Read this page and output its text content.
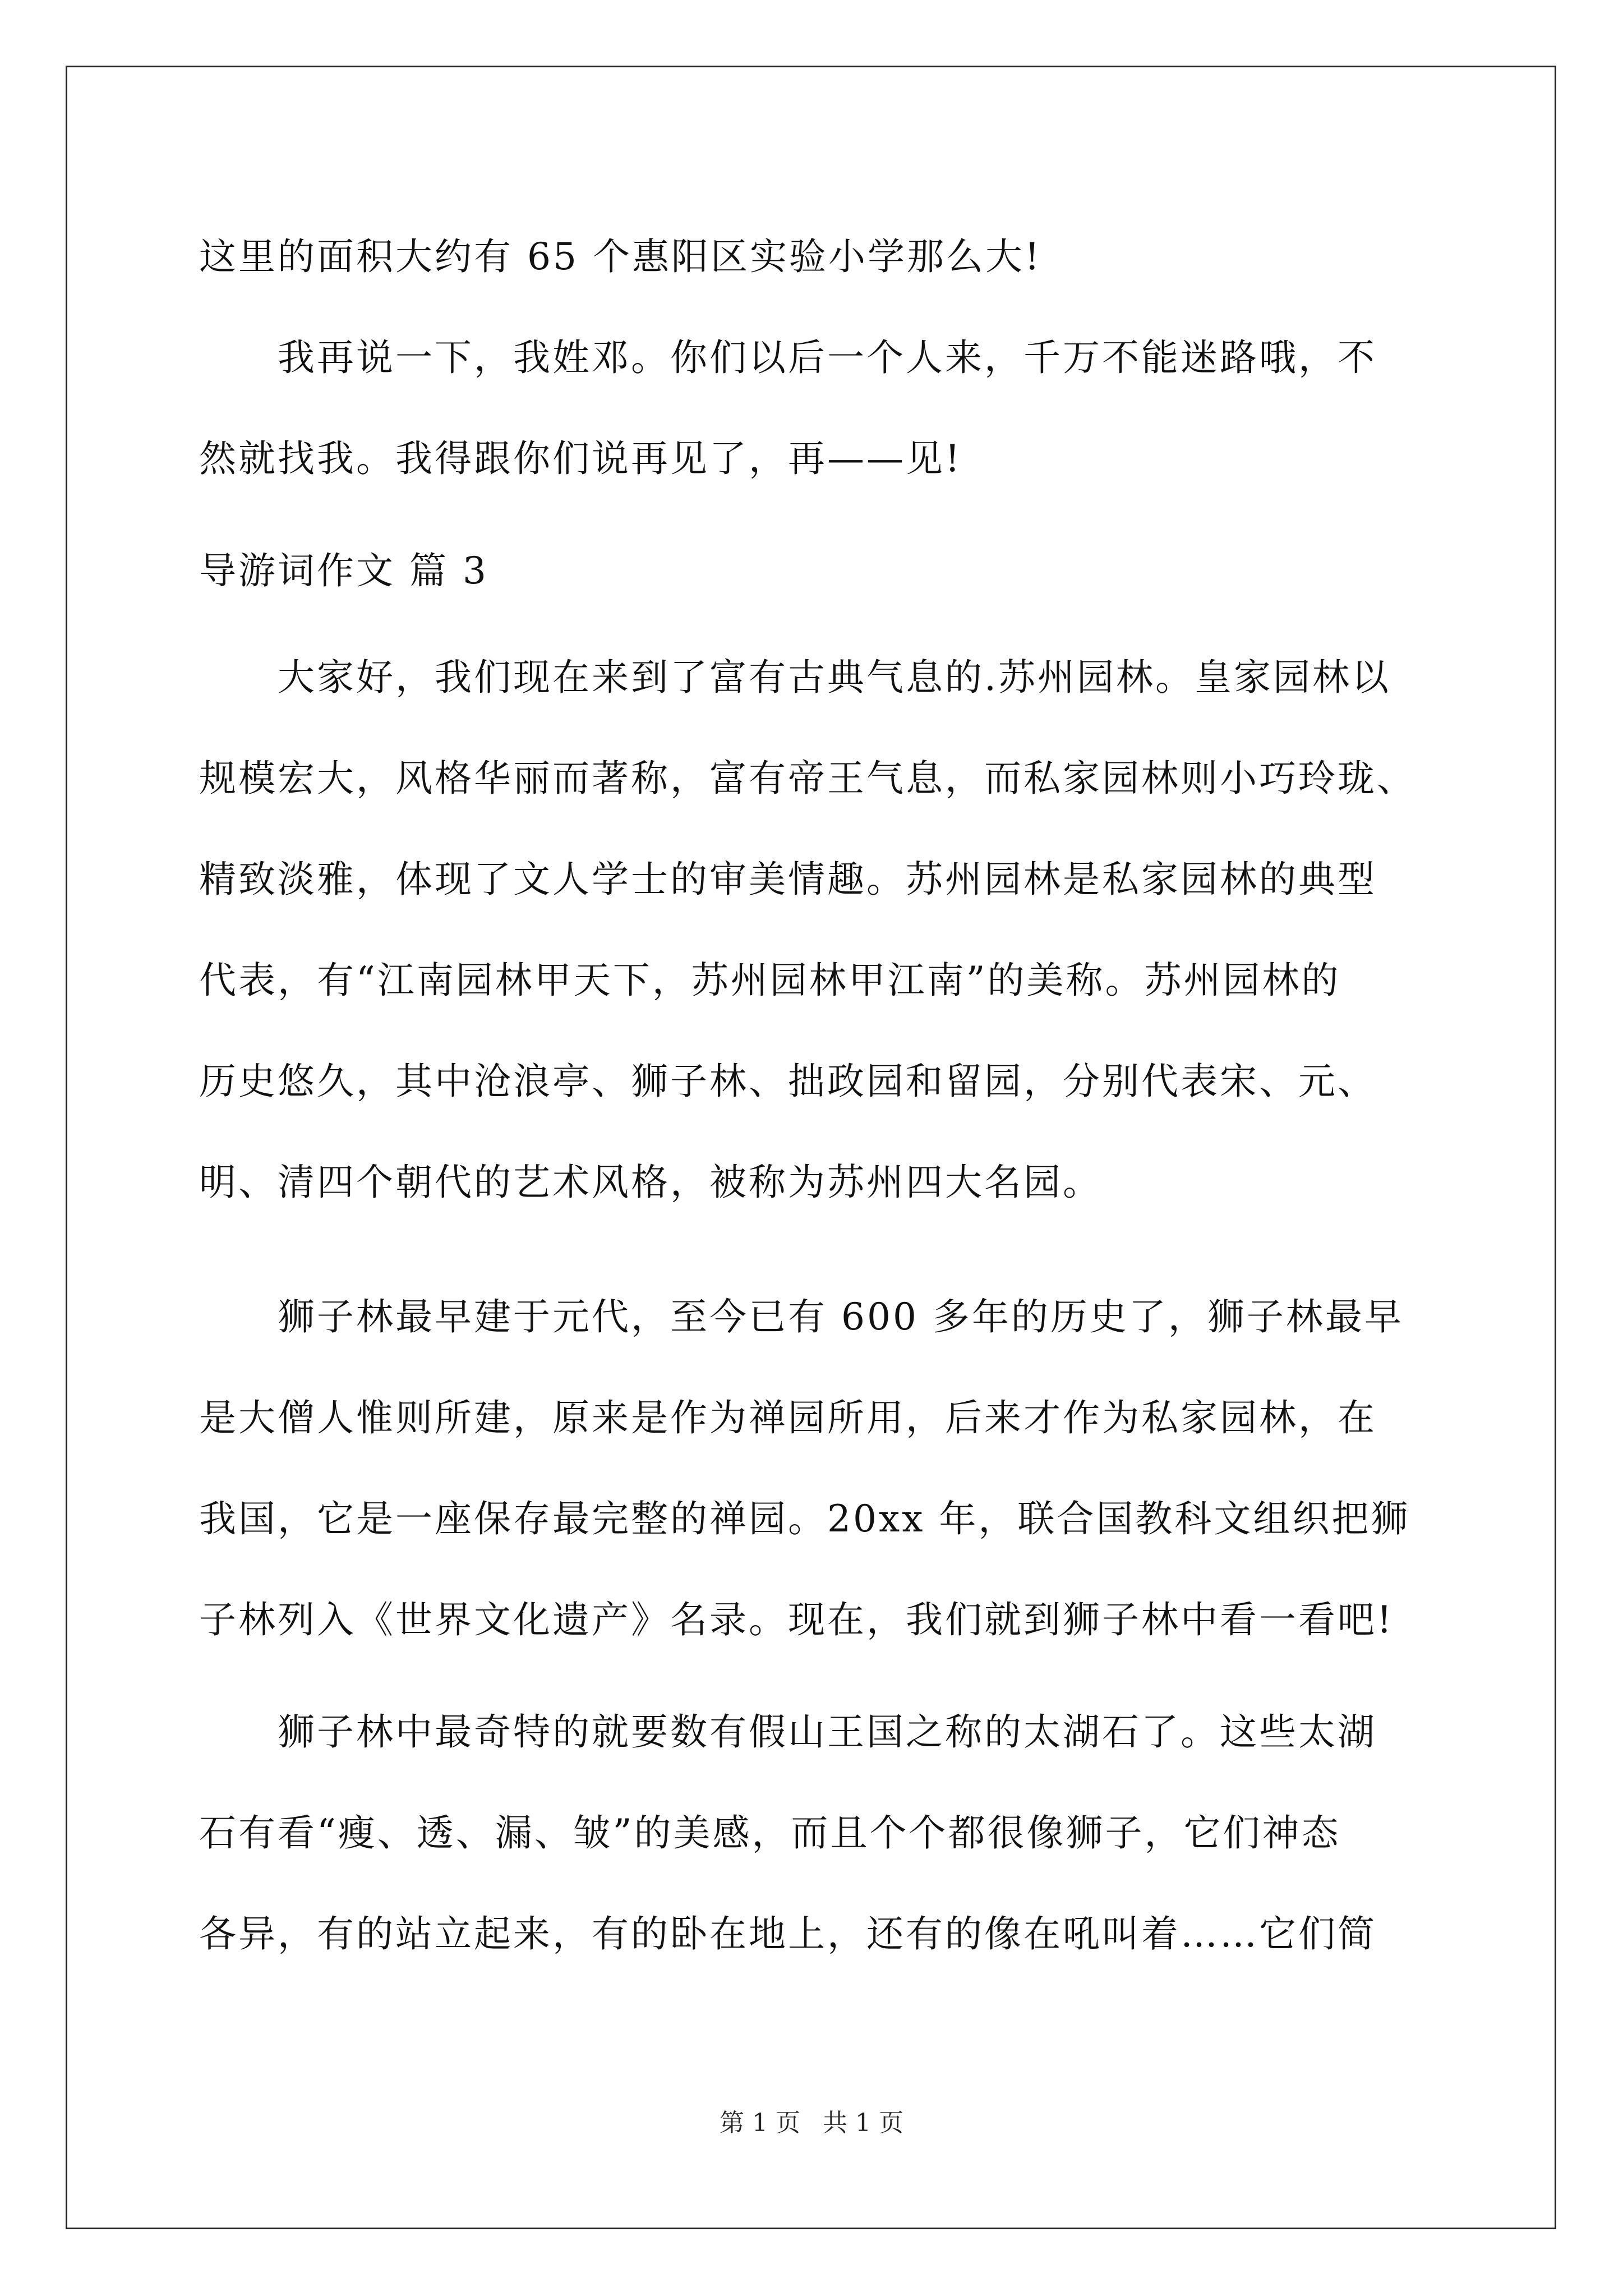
这里的面积大约有 65 个惠阳区实验小学那么大!
我再说一下，我姓邓。你们以后一个人来，千万不能迷路哦，不
然就找我。我得跟你们说再见了，再——见!
导游词作文 篇 3
大家好，我们现在来到了富有古典气息的.苏州园林。皇家园林以
规模宏大，风格华丽而著称，富有帝王气息，而私家园林则小巧玲珑、
精致淡雅，体现了文人学士的审美情趣。苏州园林是私家园林的典型
代表，有“江南园林甲天下，苏州园林甲江南”的美称。苏州园林的
历史悠久，其中沧浪亭、狮子林、拙政园和留园，分别代表宋、元、
明、清四个朝代的艺术风格，被称为苏州四大名园。
狮子林最早建于元代，至今已有 600 多年的历史了，狮子林最早
是大僧人惟则所建，原来是作为禅园所用，后来才作为私家园林，在
我国，它是一座保存最完整的禅园。20xx 年，联合国教科文组织把狮
子林列入《世界文化遗产》名录。现在，我们就到狮子林中看一看吧!
狮子林中最奇特的就要数有假山王国之称的太湖石了。这些太湖
石有看“瘦、透、漏、皱”的美感，而且个个都很像狮子，它们神态
各异，有的站立起来，有的卧在地上，还有的像在吼叫着……它们简
第 1 页 共 1 页
